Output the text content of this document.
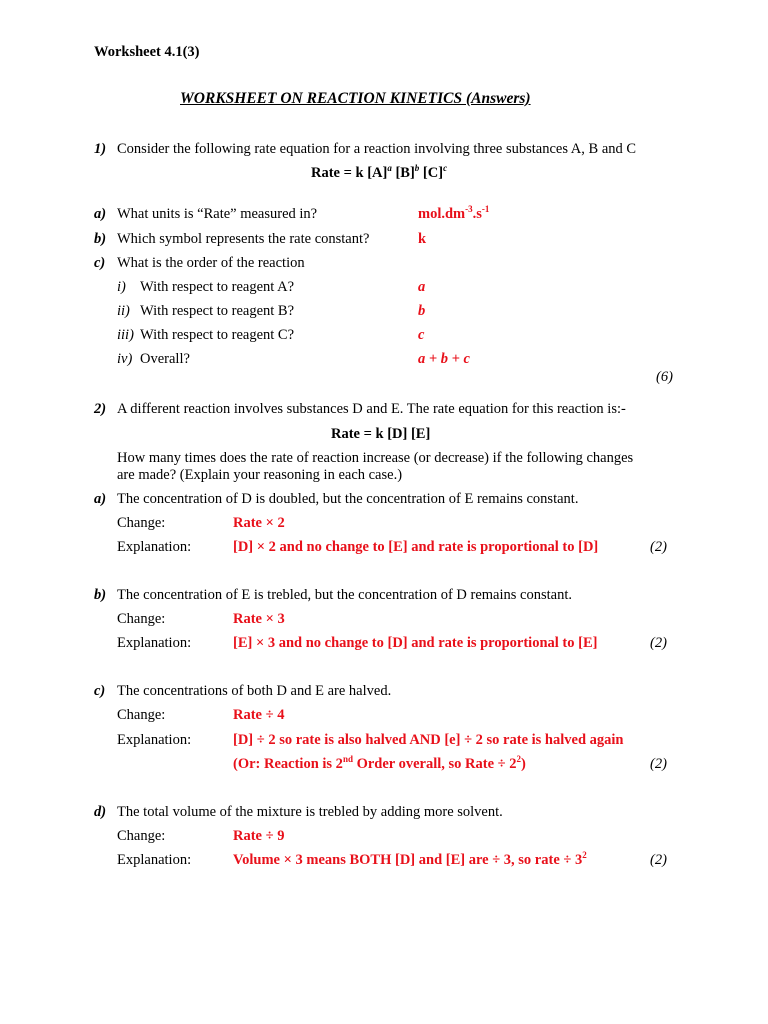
Worksheet 4.1(3)
WORKSHEET ON REACTION KINETICS (Answers)
1) Consider the following rate equation for a reaction involving three substances A, B and C
Rate = k $[A]^a$ $[B]^b$ $[C]^c$
a) What units is “Rate” measured in?	$mol.dm^{-3}.s^{-1}$
b) Which symbol represents the rate constant?	k
c) What is the order of the reaction
i) With respect to reagent A?	a
ii) With respect to reagent B?	b
iii) With respect to reagent C?	c
iv) Overall?	a + b + c
(6)
2) A different reaction involves substances D and E. The rate equation for this reaction is:-
Rate = k [D] [E]
How many times does the rate of reaction increase (or decrease) if the following changes
are made? (Explain your reasoning in each case.)
a) The concentration of D is doubled, but the concentration of E remains constant.
Change:	Rate × 2
Explanation:	[D] × 2 and no change to [E] and rate is proportional to [D]	(2)
b) The concentration of E is trebled, but the concentration of D remains constant.
Change:	Rate × 3
Explanation:	[E] × 3 and no change to [D] and rate is proportional to [E]	(2)
c) The concentrations of both D and E are halved.
Change:	Rate ÷ 4
Explanation:	[D] ÷ 2 so rate is also halved AND [e] ÷ 2 so rate is halved again
(Or: Reaction is 2nd Order overall, so Rate ÷ $2^2$)	(2)
d) The total volume of the mixture is trebled by adding more solvent.
Change:	Rate ÷ 9
Explanation:	Volume × 3 means BOTH [D] and [E] are ÷ 3, so rate ÷ $3^2$	(2)
